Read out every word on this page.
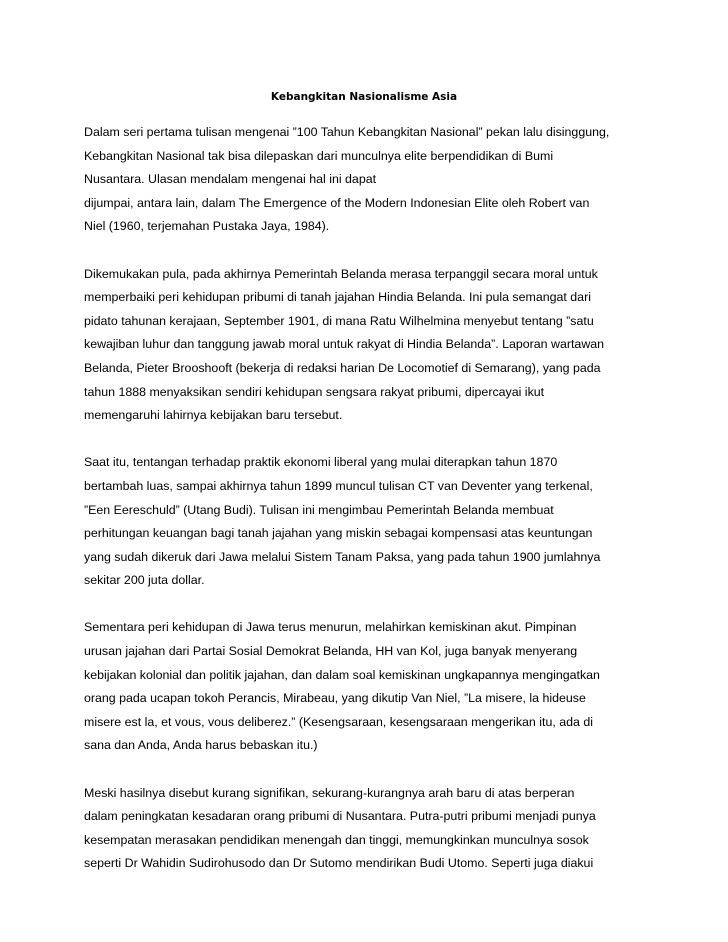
Kebangkitan Nasionalisme Asia
Dalam seri pertama tulisan mengenai ”100 Tahun Kebangkitan Nasional” pekan lalu disinggung,
Kebangkitan Nasional tak bisa dilepaskan dari munculnya elite berpendidikan di Bumi
Nusantara. Ulasan mendalam mengenai hal ini dapat
dijumpai, antara lain, dalam The Emergence of the Modern Indonesian Elite oleh Robert van
Niel (1960, terjemahan Pustaka Jaya, 1984).
Dikemukakan pula, pada akhirnya Pemerintah Belanda merasa terpanggil secara moral untuk
memperbaiki peri kehidupan pribumi di tanah jajahan Hindia Belanda. Ini pula semangat dari
pidato tahunan kerajaan, September 1901, di mana Ratu Wilhelmina menyebut tentang ”satu
kewajiban luhur dan tanggung jawab moral untuk rakyat di Hindia Belanda”. Laporan wartawan
Belanda, Pieter Brooshooft (bekerja di redaksi harian De Locomotief di Semarang), yang pada
tahun 1888 menyaksikan sendiri kehidupan sengsara rakyat pribumi, dipercayai ikut
memengaruhi lahirnya kebijakan baru tersebut.
Saat itu, tentangan terhadap praktik ekonomi liberal yang mulai diterapkan tahun 1870
bertambah luas, sampai akhirnya tahun 1899 muncul tulisan CT van Deventer yang terkenal,
”Een Eereschuld” (Utang Budi). Tulisan ini mengimbau Pemerintah Belanda membuat
perhitungan keuangan bagi tanah jajahan yang miskin sebagai kompensasi atas keuntungan
yang sudah dikeruk dari Jawa melalui Sistem Tanam Paksa, yang pada tahun 1900 jumlahnya
sekitar 200 juta dollar.
Sementara peri kehidupan di Jawa terus menurun, melahirkan kemiskinan akut. Pimpinan
urusan jajahan dari Partai Sosial Demokrat Belanda, HH van Kol, juga banyak menyerang
kebijakan kolonial dan politik jajahan, dan dalam soal kemiskinan ungkapannya mengingatkan
orang pada ucapan tokoh Perancis, Mirabeau, yang dikutip Van Niel, ”La misere, la hideuse
misere est la, et vous, vous deliberez.” (Kesengsaraan, kesengsaraan mengerikan itu, ada di
sana dan Anda, Anda harus bebaskan itu.)
Meski hasilnya disebut kurang signifikan, sekurang-kurangnya arah baru di atas berperan
dalam peningkatan kesadaran orang pribumi di Nusantara. Putra-putri pribumi menjadi punya
kesempatan merasakan pendidikan menengah dan tinggi, memungkinkan munculnya sosok
seperti Dr Wahidin Sudirohusodo dan Dr Sutomo mendirikan Budi Utomo. Seperti juga diakui
